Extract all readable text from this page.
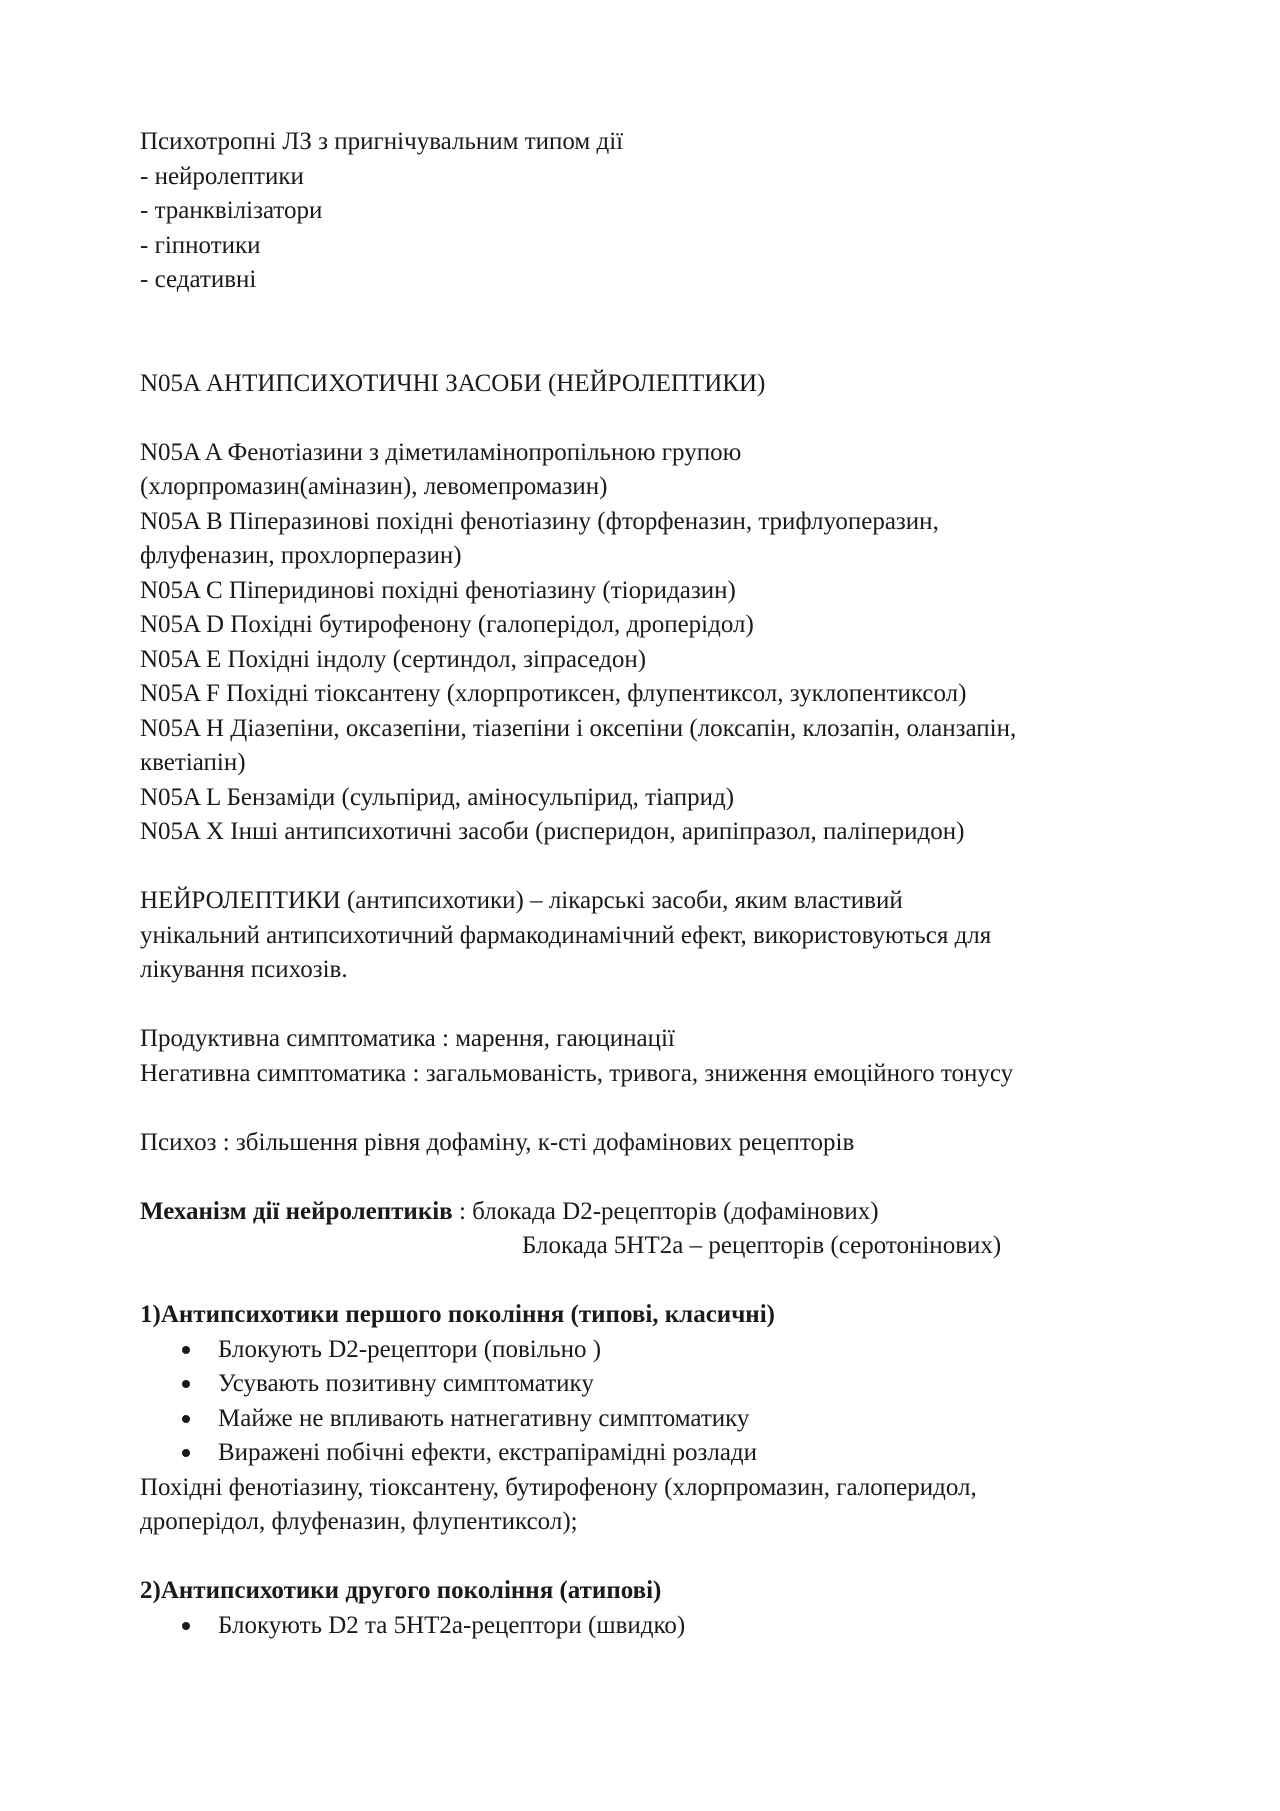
Психотропні ЛЗ з пригнічувальним типом дії
- нейролептики
- транквілізатори
- гіпнотики
- седативні
N05A АНТИПСИХОТИЧНІ ЗАСОБИ (НЕЙРОЛЕПТИКИ)
N05A A Фенотіазини з діметиламінопропільною групою
(хлорпромазин(аміназин), левомепромазин)
N05A B Піперазинові похідні фенотіазину (фторфеназин, трифлуоперазин,
флуфеназин, прохлорперазин)
N05A C Піперидинові похідні фенотіазину (тіоридазин)
N05A D Похідні бутирофенону (галоперідол, дроперідол)
N05A E Похідні індолу (сертиндол, зіпраседон)
N05A F Похідні тіоксантену (хлорпротиксен, флупентиксол, зуклопентиксол)
N05A H Діазепіни, оксазепіни, тіазепіни і оксепіни (локсапін, клозапін, оланзапін,
кветіапін)
N05A L Бензаміди (сульпірид, аміносульпірид, тіаприд)
N05A X Інші антипсихотичні засоби (рисперидон, арипіпразол, паліперидон)
НЕЙРОЛЕПТИКИ (антипсихотики) – лікарські засоби, яким властивий
унікальний антипсихотичний фармакодинамічний ефект, використовуються для
лікування психозів.
Продуктивна симптоматика : марення, гаюцинації
Негативна симптоматика : загальмованість, тривога, зниження емоційного тонусу
Психоз : збільшення рівня дофаміну, к-сті дофамінових рецепторів
Механізм дії нейролептиків : блокада D2-рецепторів (дофамінових)
Блокада 5НТ2а – рецепторів (серотонінових)
1)Антипсихотики першого покоління (типові, класичні)
Блокують D2-рецептори (повільно )
Усувають позитивну симптоматику
Майже не впливають натнегативну симптоматику
Виражені побічні ефекти, екстрапірамідні розлади
Похідні фенотіазину, тіоксантену, бутирофенону (хлорпромазин, галоперидол,
дроперідол, флуфеназин, флупентиксол);
2)Антипсихотики другого покоління (атипові)
Блокують D2 та 5НТ2а-рецептори (швидко)
